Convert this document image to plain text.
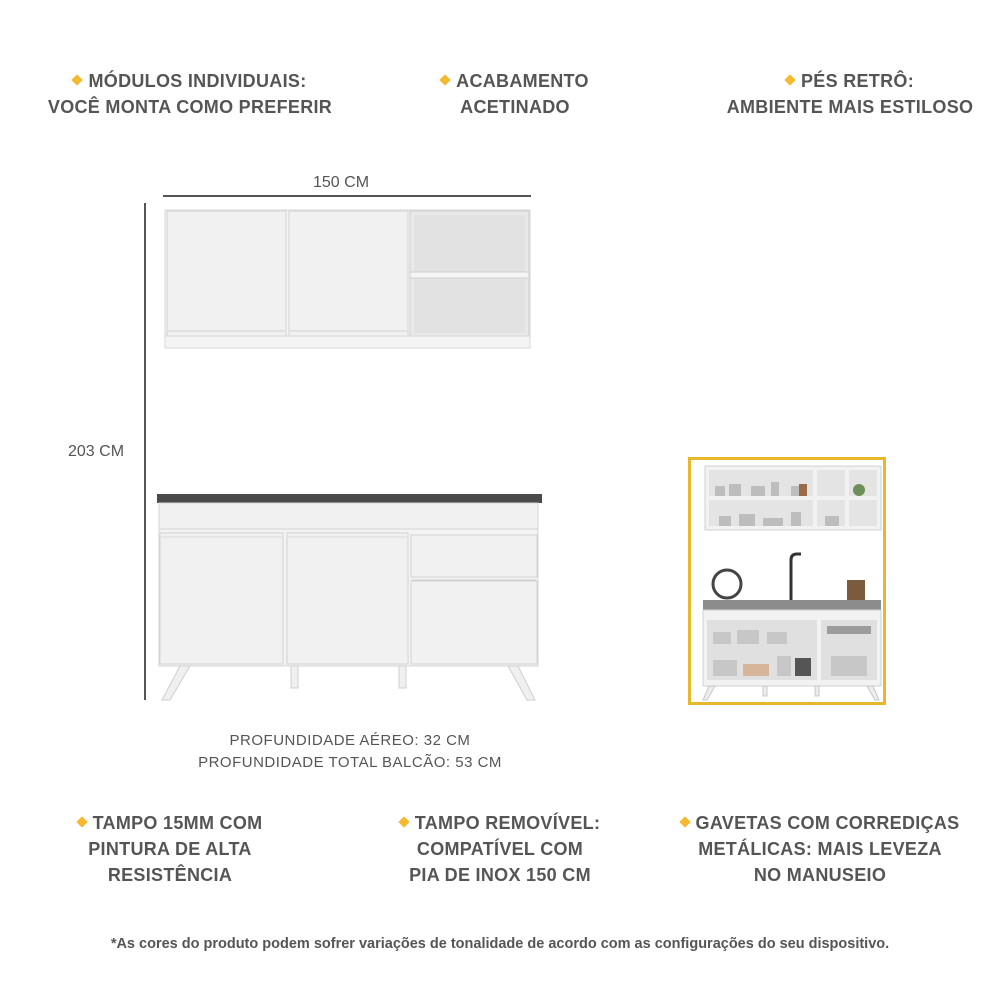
MÓDULOS INDIVIDUAIS:
VOCÊ MONTA COMO PREFERIR
ACABAMENTO
ACETINADO
PÉS RETRÔ:
AMBIENTE MAIS ESTILOSO
150 CM
203 CM
PROFUNDIDADE AÉREO: 32 CM
PROFUNDIDADE TOTAL BALCÃO: 53 CM
TAMPO 15MM COM
PINTURA DE ALTA
RESISTÊNCIA
TAMPO REMOVÍVEL:
COMPATÍVEL COM
PIA DE INOX 150 CM
GAVETAS COM CORREDIÇAS
METÁLICAS: MAIS LEVEZA
NO MANUSEIO
*As cores do produto podem sofrer variações de tonalidade de acordo com as configurações do seu dispositivo.
